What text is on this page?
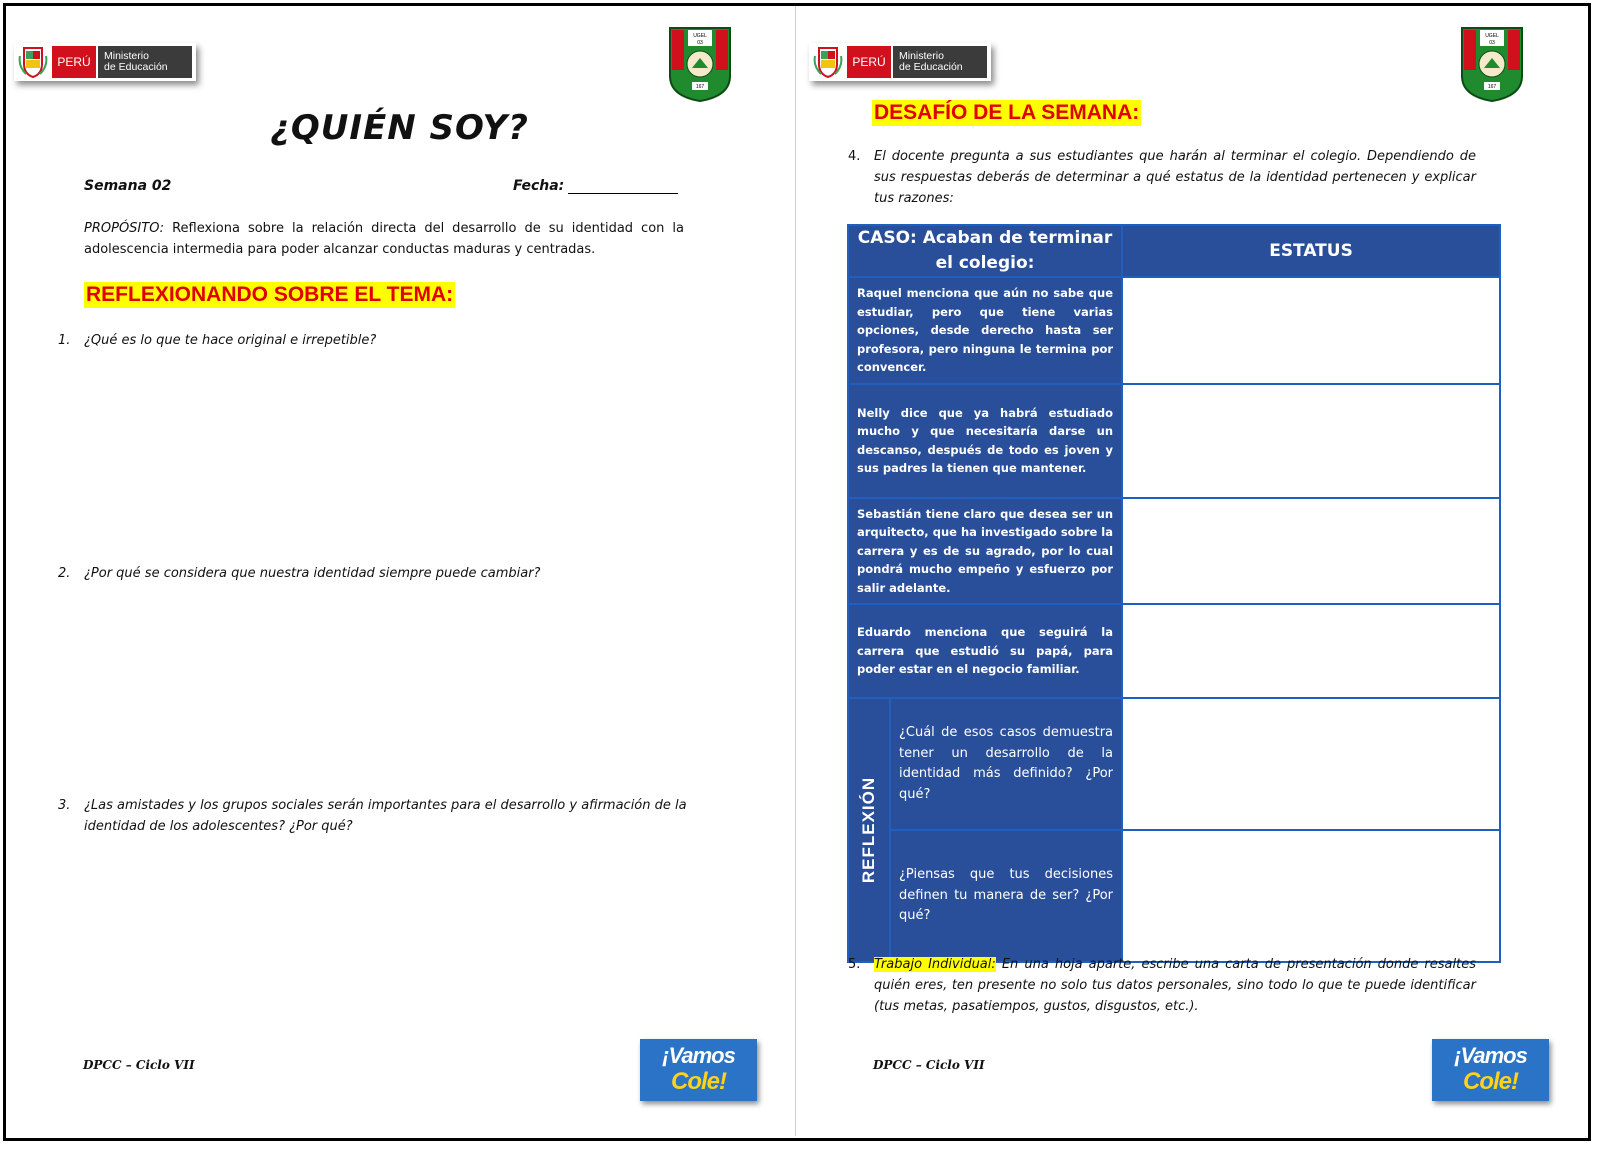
PERÚ	Ministerio
de Educación
UGEL
03
167
¿QUIÉN SOY?
Semana 02	Fecha:
PROPÓSITO: Reflexiona sobre la relación directa del desarrollo de su identidad con la adolescencia intermedia para poder alcanzar conductas maduras y centradas.
REFLEXIONANDO SOBRE EL TEMA:
1. ¿Qué es lo que te hace original e irrepetible?
2. ¿Por qué se considera que nuestra identidad siempre puede cambiar?
3. ¿Las amistades y los grupos sociales serán importantes para el desarrollo y afirmación de la identidad de los adolescentes? ¿Por qué?
DPCC – Ciclo VII	¡Vamos
Cole!
PERÚ	Ministerio
de Educación
UGEL
03
167
DESAFÍO DE LA SEMANA:
4. El docente pregunta a sus estudiantes que harán al terminar el colegio. Dependiendo de sus respuestas deberás de determinar a qué estatus de la identidad pertenecen y explicar tus razones:
CASO: Acaban de terminar el colegio:		ESTATUS
Raquel menciona que aún no sabe que estudiar, pero que tiene varias opciones, desde derecho hasta ser profesora, pero ninguna le termina por convencer.		
Nelly dice que ya habrá estudiado mucho y que necesitaría darse un descanso, después de todo es joven y sus padres la tienen que mantener.		
Sebastián tiene claro que desea ser un arquitecto, que ha investigado sobre la carrera y es de su agrado, por lo cual pondrá mucho empeño y esfuerzo por salir adelante.		
Eduardo menciona que seguirá la carrera que estudió su papá, para poder estar en el negocio familiar.		

REFLEXIÓN	¿Cuál de esos casos demuestra tener un desarrollo de la identidad más definido? ¿Por qué?	
	¿Piensas que tus decisiones definen tu manera de ser? ¿Por qué?	
5. Trabajo Individual: En una hoja aparte, escribe una carta de presentación donde resaltes quién eres, ten presente no solo tus datos personales, sino todo lo que te puede identificar (tus metas, pasatiempos, gustos, disgustos, etc.).
DPCC – Ciclo VII	¡Vamos
Cole!
